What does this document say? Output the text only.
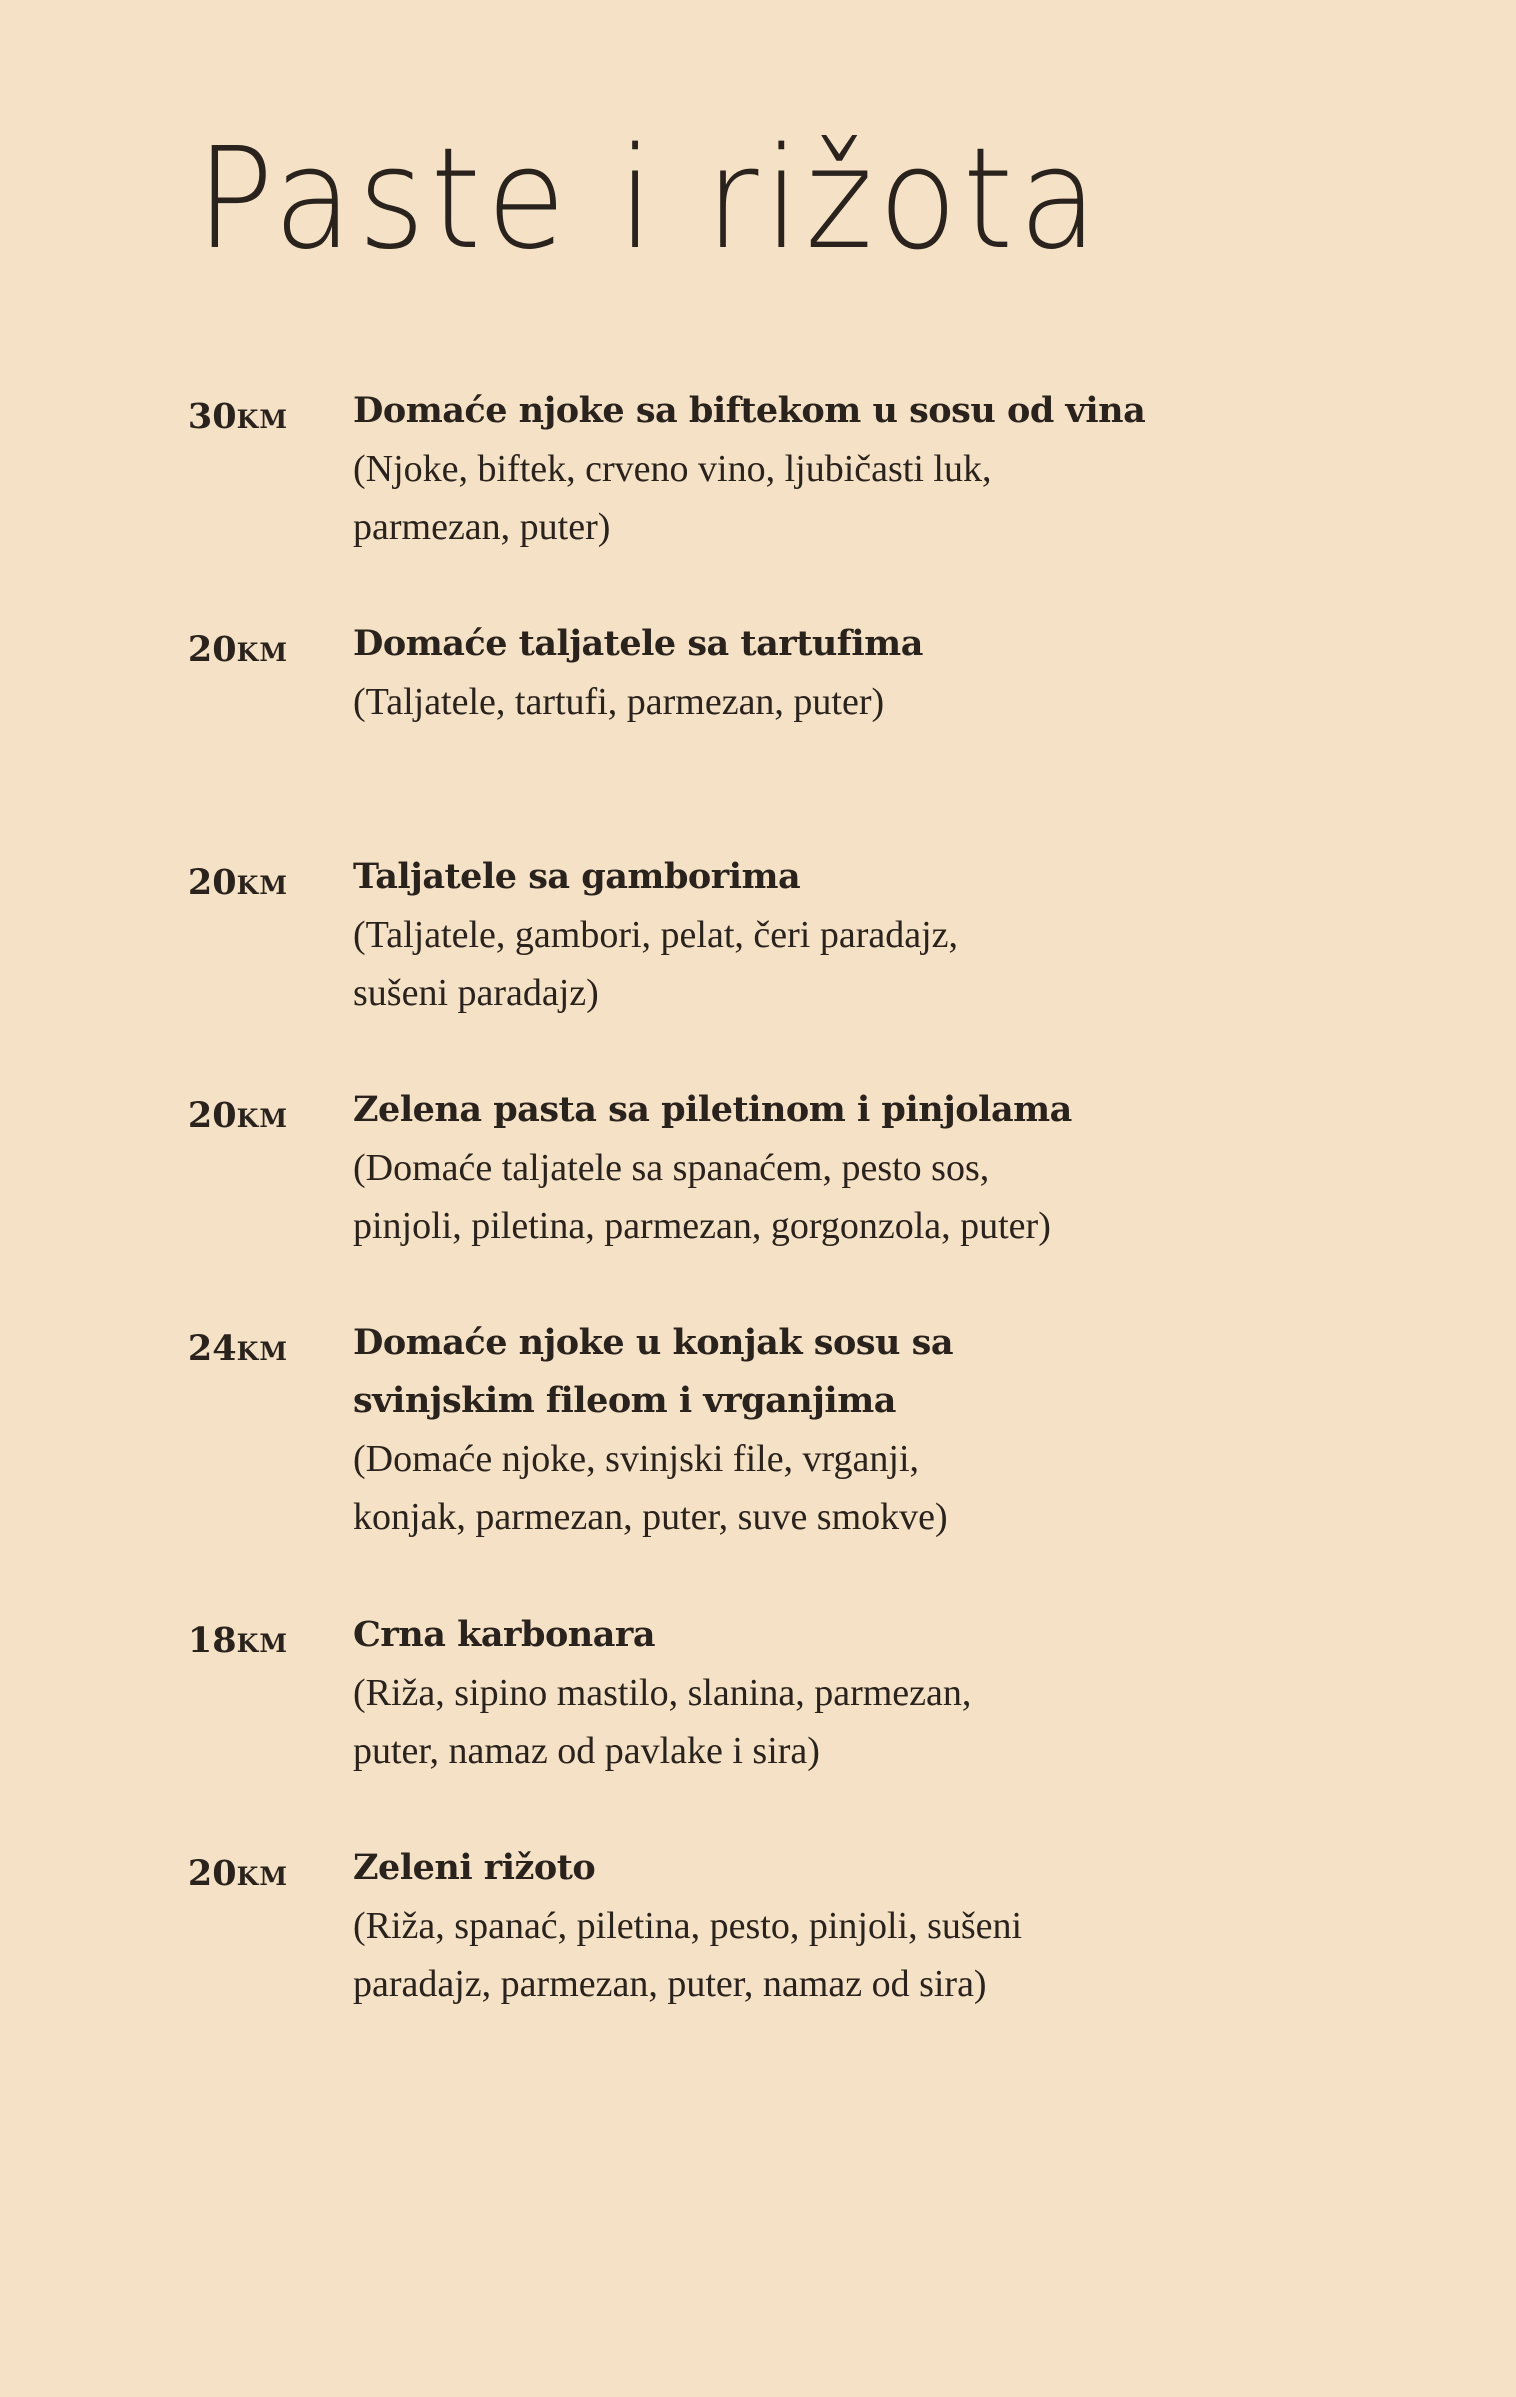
Paste i rižota
30KM Domaće njoke sa biftekom u sosu od vina
(Njoke, biftek, crveno vino, ljubičasti luk,
parmezan, puter)
20KM Domaće taljatele sa tartufima
(Taljatele, tartufi, parmezan, puter)
20KM Taljatele sa gamborima
(Taljatele, gambori, pelat, čeri paradajz,
sušeni paradajz)
20KM Zelena pasta sa piletinom i pinjolama
(Domaće taljatele sa spanaćem, pesto sos,
pinjoli, piletina, parmezan, gorgonzola, puter)
24KM Domaće njoke u konjak sosu sa
svinjskim fileom i vrganjima
(Domaće njoke, svinjski file, vrganji,
konjak, parmezan, puter, suve smokve)
18KM Crna karbonara
(Riža, sipino mastilo, slanina, parmezan,
puter, namaz od pavlake i sira)
20KM Zeleni rižoto
(Riža, spanać, piletina, pesto, pinjoli, sušeni
paradajz, parmezan, puter, namaz od sira)
